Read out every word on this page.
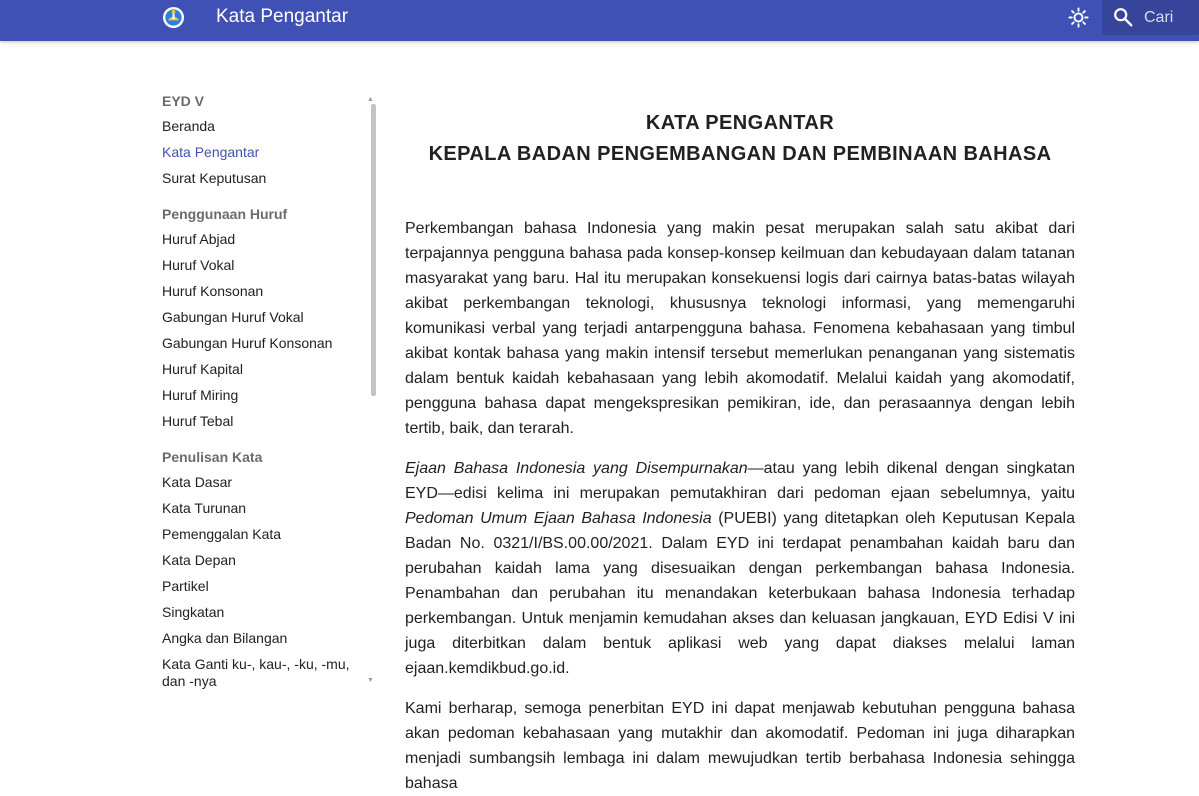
Kata Pengantar
Cari
EYD V
Beranda
Kata Pengantar
Surat Keputusan
Penggunaan Huruf
Huruf Abjad
Huruf Vokal
Huruf Konsonan
Gabungan Huruf Vokal
Gabungan Huruf Konsonan
Huruf Kapital
Huruf Miring
Huruf Tebal
Penulisan Kata
Kata Dasar
Kata Turunan
Pemenggalan Kata
Kata Depan
Partikel
Singkatan
Angka dan Bilangan
Kata Ganti ku-, kau-, -ku, -mu, dan -nya
▲
▼
KATA PENGANTAR
KEPALA BADAN PENGEMBANGAN DAN PEMBINAAN BAHASA

Perkembangan bahasa Indonesia yang makin pesat merupakan salah satu akibat dari terpajannya pengguna bahasa pada konsep-konsep keilmuan dan kebudayaan dalam tatanan masyarakat yang baru. Hal itu merupakan konsekuensi logis dari cairnya batas-batas wilayah akibat perkembangan teknologi, khususnya teknologi informasi, yang memengaruhi komunikasi verbal yang terjadi antarpengguna bahasa. Fenomena kebahasaan yang timbul akibat kontak bahasa yang makin intensif tersebut memerlukan penanganan yang sistematis dalam bentuk kaidah kebahasaan yang lebih akomodatif. Melalui kaidah yang akomodatif, pengguna bahasa dapat mengekspresikan pemikiran, ide, dan perasaannya dengan lebih tertib, baik, dan terarah.

Ejaan Bahasa Indonesia yang Disempurnakan—atau yang lebih dikenal dengan singkatan EYD—edisi kelima ini merupakan pemutakhiran dari pedoman ejaan sebelumnya, yaitu Pedoman Umum Ejaan Bahasa Indonesia (PUEBI) yang ditetapkan oleh Keputusan Kepala Badan No. 0321/I/BS.00.00/2021. Dalam EYD ini terdapat penambahan kaidah baru dan perubahan kaidah lama yang disesuaikan dengan perkembangan bahasa Indonesia. Penambahan dan perubahan itu menandakan keterbukaan bahasa Indonesia terhadap perkembangan. Untuk menjamin kemudahan akses dan keluasan jangkauan, EYD Edisi V ini juga diterbitkan dalam bentuk aplikasi web yang dapat diakses melalui laman ejaan.kemdikbud.go.id.

Kami berharap, semoga penerbitan EYD ini dapat menjawab kebutuhan pengguna bahasa akan pedoman kebahasaan yang mutakhir dan akomodatif. Pedoman ini juga diharapkan menjadi sumbangsih lembaga ini dalam mewujudkan tertib berbahasa Indonesia sehingga bahasa
